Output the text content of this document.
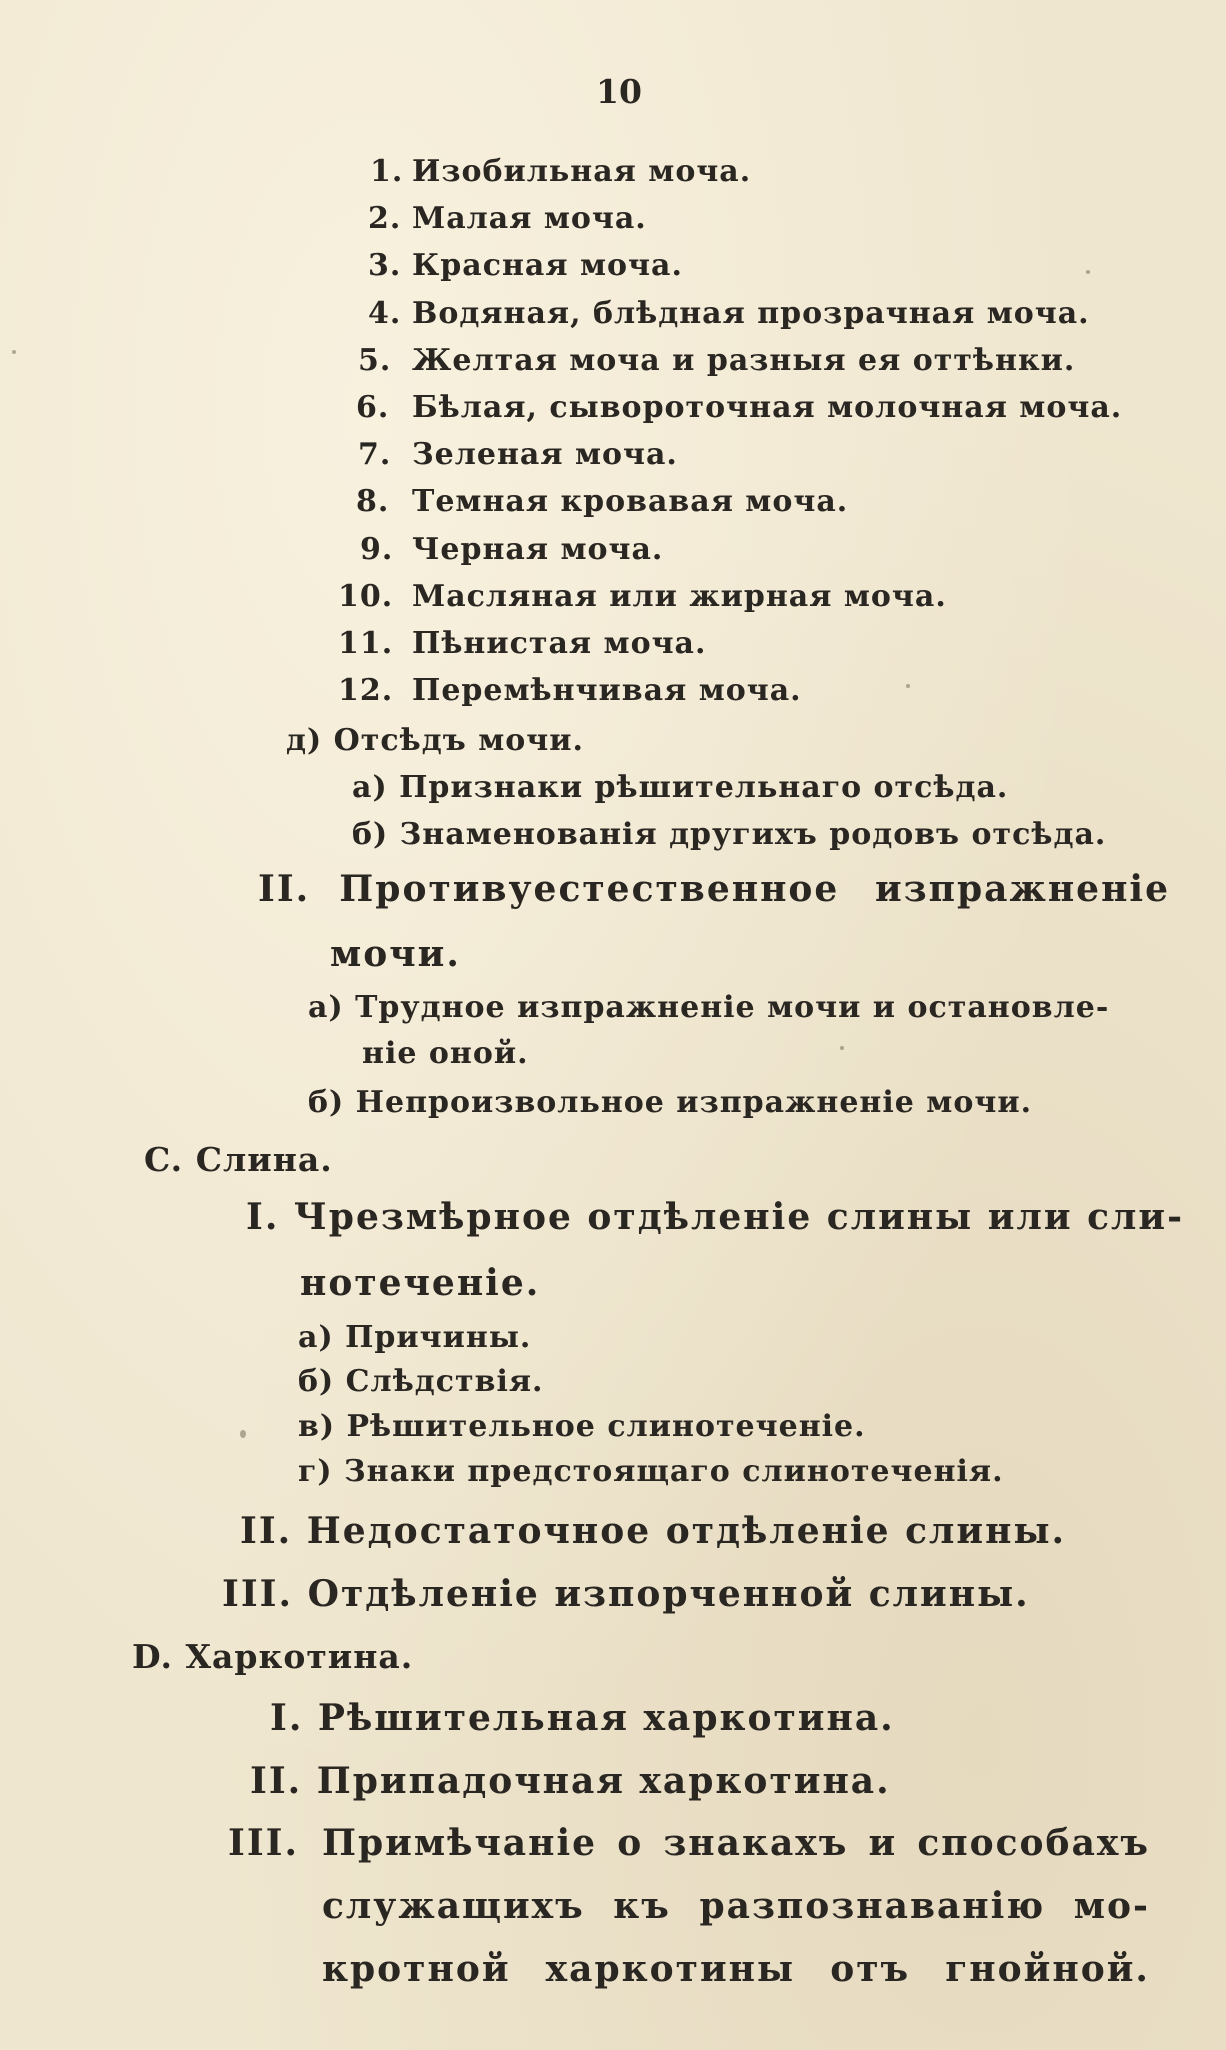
10
1. Изобильная моча.
2. Малая моча.
3. Красная моча.
4. Водяная, блѣдная прозрачная моча.
5. Желтая моча и разныя ея оттѣнки.
6. Бѣлая, сывороточная молочная моча.
7. Зеленая моча.
8. Темная кровавая моча.
9. Черная моча.
10. Масляная или жирная моча.
11. Пѣнистая моча.
12. Перемѣнчивая моча.
д) Отсѣдъ мочи.
а) Признаки рѣшительнаго отсѣда.
б) Знаменованія другихъ родовъ отсѣда.
II. Противуестественное изпражненіе
мочи.
а) Трудное изпражненіе мочи и остановле-
ніе оной.
б) Непроизвольное изпражненіе мочи.
C. Слина.
I. Чрезмѣрное отдѣленіе слины или сли-
нотеченіе.
а) Причины.
б) Слѣдствія.
в) Рѣшительное слинотеченіе.
г) Знаки предстоящаго слинотеченія.
II. Недостаточное отдѣленіе слины.
III. Отдѣленіе изпорченной слины.
D. Харкотина.
I. Рѣшительная харкотина.
II. Припадочная харкотина.
III. Примѣчаніе о знакахъ и способахъ
служащихъ къ разпознаванію мо-
кротной харкотины отъ гнойной.
